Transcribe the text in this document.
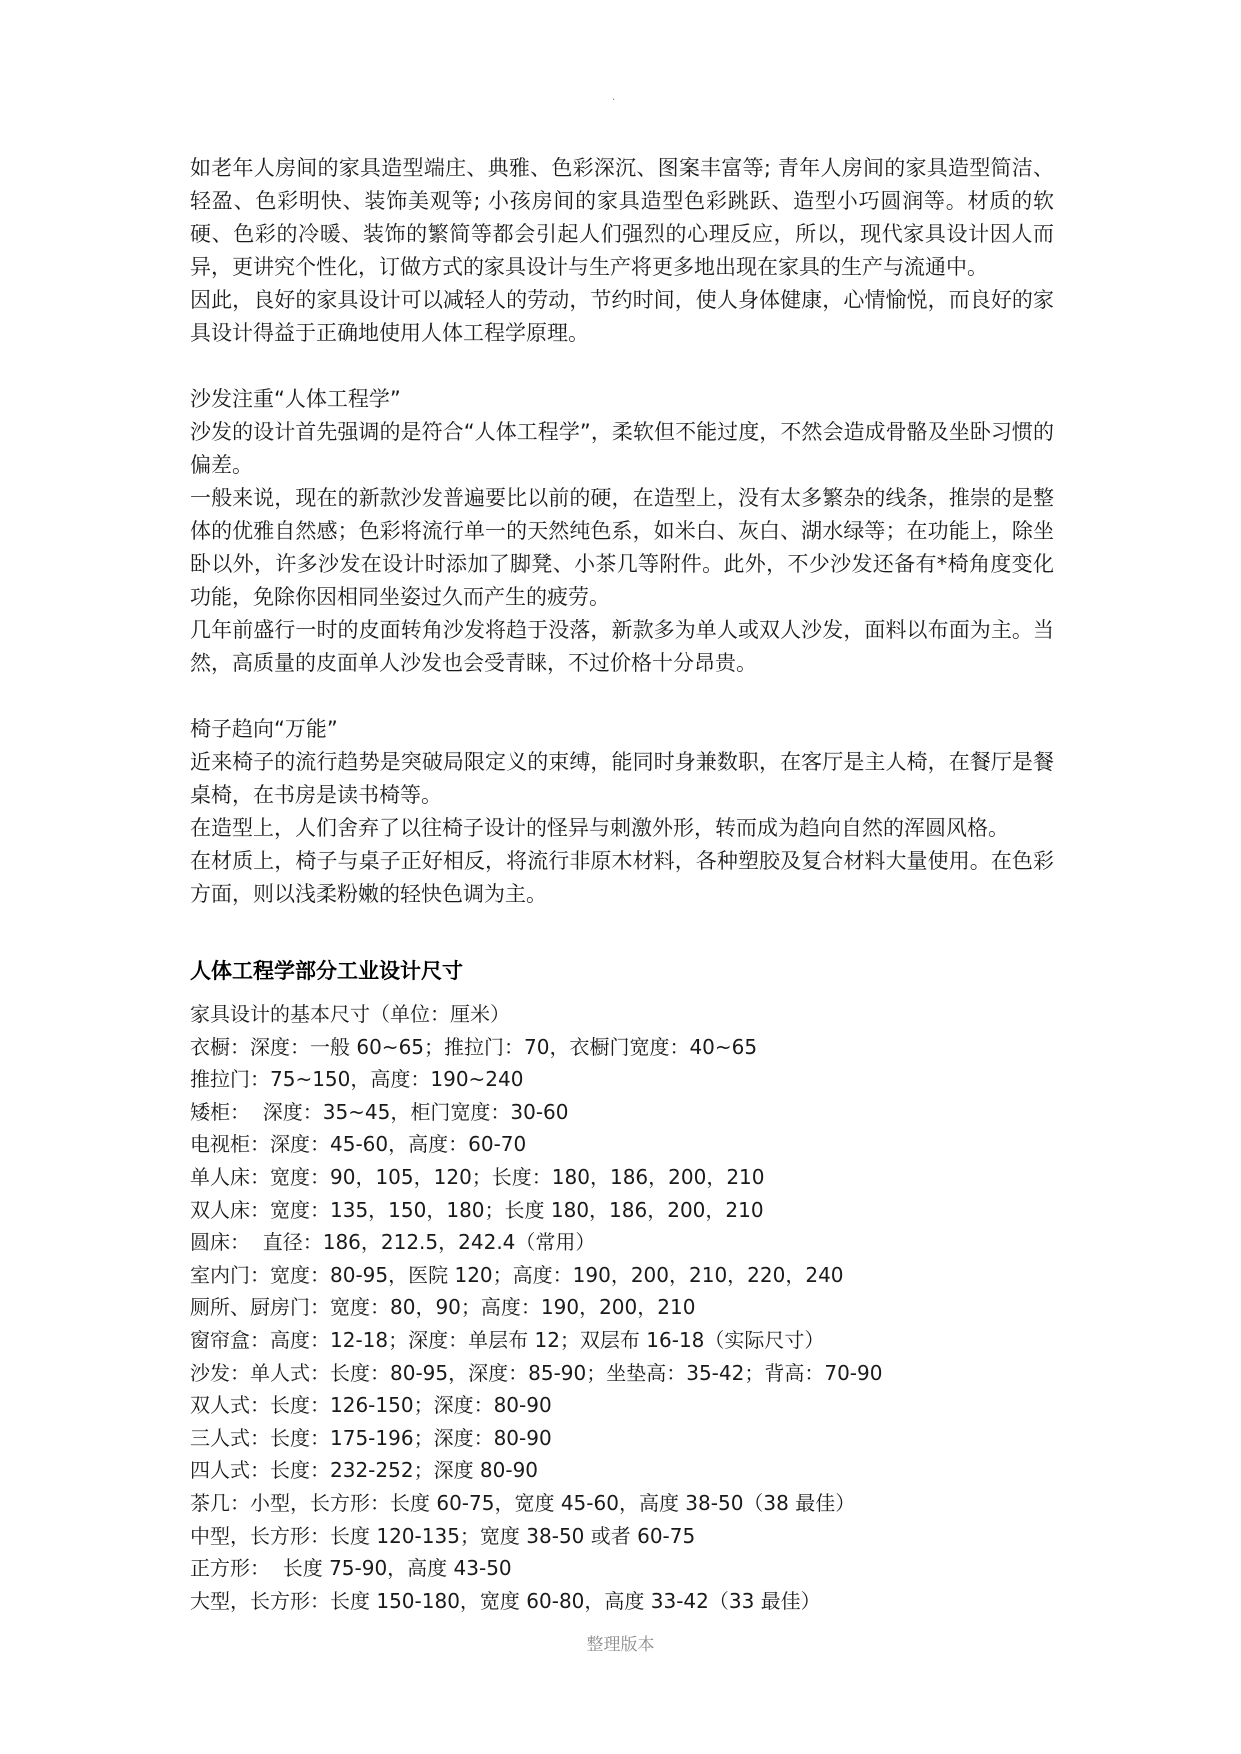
.

如老年人房间的家具造型端庄、典雅、色彩深沉、图案丰富等; 青年人房间的家具造型简洁、轻盈、色彩明快、装饰美观等; 小孩房间的家具造型色彩跳跃、造型小巧圆润等。材质的软硬、色彩的冷暖、装饰的繁简等都会引起人们强烈的心理反应，所以，现代家具设计因人而异，更讲究个性化，订做方式的家具设计与生产将更多地出现在家具的生产与流通中。

因此，良好的家具设计可以减轻人的劳动，节约时间，使人身体健康，心情愉悦，而良好的家具设计得益于正确地使用人体工程学原理。

沙发注重“人体工程学”

沙发的设计首先强调的是符合“人体工程学”，柔软但不能过度，不然会造成骨骼及坐卧习惯的偏差。

一般来说，现在的新款沙发普遍要比以前的硬，在造型上，没有太多繁杂的线条，推崇的是整体的优雅自然感；色彩将流行单一的天然纯色系，如米白、灰白、湖水绿等；在功能上，除坐卧以外，许多沙发在设计时添加了脚凳、小茶几等附件。此外，不少沙发还备有*椅角度变化功能，免除你因相同坐姿过久而产生的疲劳。

几年前盛行一时的皮面转角沙发将趋于没落，新款多为单人或双人沙发，面料以布面为主。当然，高质量的皮面单人沙发也会受青睐，不过价格十分昂贵。

椅子趋向“万能”

近来椅子的流行趋势是突破局限定义的束缚，能同时身兼数职，在客厅是主人椅，在餐厅是餐桌椅，在书房是读书椅等。

在造型上，人们舍弃了以往椅子设计的怪异与刺激外形，转而成为趋向自然的浑圆风格。

在材质上，椅子与桌子正好相反，将流行非原木材料，各种塑胶及复合材料大量使用。在色彩方面，则以浅柔粉嫩的轻快色调为主。

人体工程学部分工业设计尺寸

家具设计的基本尺寸（单位：厘米）

衣橱：深度：一般 60~65；推拉门：70，衣橱门宽度：40~65

推拉门：75~150，高度：190~240

矮柜：  深度：35~45，柜门宽度：30-60

电视柜：深度：45-60，高度：60-70

单人床：宽度：90，105，120；长度：180，186，200，210

双人床：宽度：135，150，180；长度 180，186，200，210

圆床：  直径：186，212.5，242.4（常用）

室内门：宽度：80-95，医院 120；高度：190，200，210，220，240

厕所、厨房门：宽度：80，90；高度：190，200，210

窗帘盒：高度：12-18；深度：单层布 12；双层布 16-18（实际尺寸）

沙发：单人式：长度：80-95，深度：85-90；坐垫高：35-42；背高：70-90

双人式：长度：126-150；深度：80-90

三人式：长度：175-196；深度：80-90

四人式：长度：232-252；深度 80-90

茶几：小型，长方形：长度 60-75，宽度 45-60，高度 38-50（38 最佳）

中型，长方形：长度 120-135；宽度 38-50 或者 60-75

正方形：  长度 75-90，高度 43-50

大型，长方形：长度 150-180，宽度 60-80，高度 33-42（33 最佳）

整理版本
